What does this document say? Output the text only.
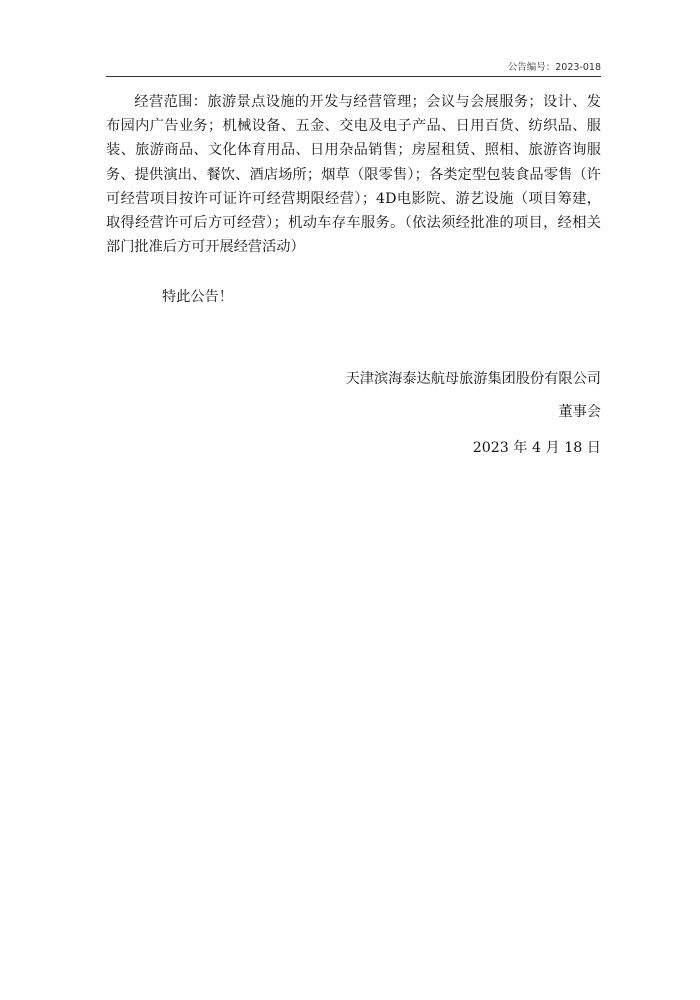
公告编号：2023-018

经营范围：旅游景点设施的开发与经营管理；会议与会展服务；设计、发布园内广告业务；机械设备、五金、交电及电子产品、日用百货、纺织品、服装、旅游商品、文化体育用品、日用杂品销售；房屋租赁、照相、旅游咨询服务、提供演出、餐饮、酒店场所；烟草（限零售）；各类定型包装食品零售（许可经营项目按许可证许可经营期限经营）；4D电影院、游艺设施（项目筹建，取得经营许可后方可经营）；机动车存车服务。（依法须经批准的项目，经相关部门批准后方可开展经营活动）

特此公告！

天津滨海泰达航母旅游集团股份有限公司

董事会

2023 年 4 月 18 日
